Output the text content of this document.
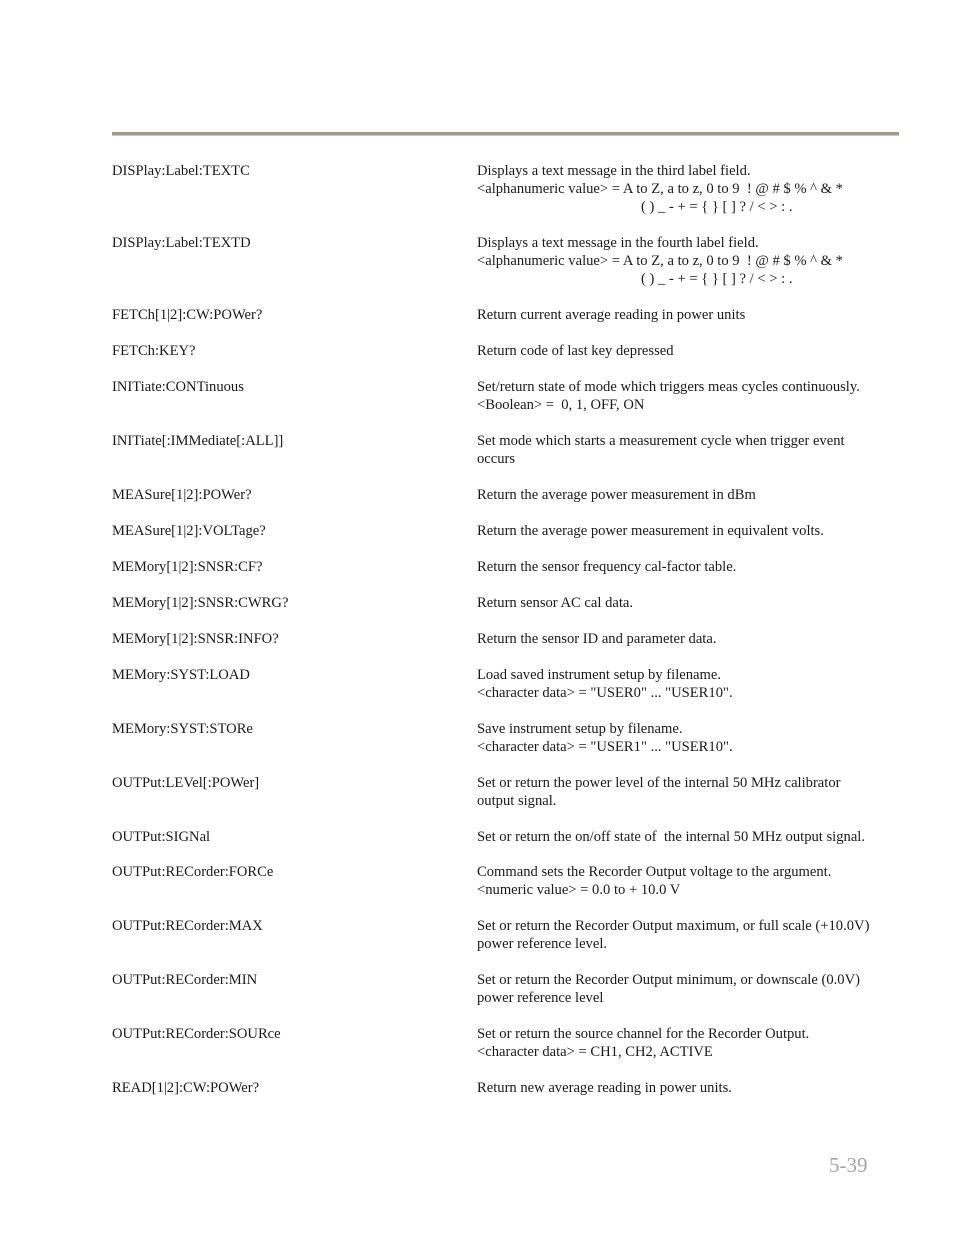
DISPlay:Label:TEXTC	Displays a text message in the third label field.
<alphanumeric value> = A to Z, a to z, 0 to 9  ! @ # $ % ^ & *
( ) _ - + = { } [ ] ? / < > : .
DISPlay:Label:TEXTD	Displays a text message in the fourth label field.
<alphanumeric value> = A to Z, a to z, 0 to 9  ! @ # $ % ^ & *
( ) _ - + = { } [ ] ? / < > : .
FETCh[1|2]:CW:POWer?	Return current average reading in power units
FETCh:KEY?	Return code of last key depressed
INITiate:CONTinuous	Set/return state of mode which triggers meas cycles continuously.
<Boolean> =  0, 1, OFF, ON
INITiate[:IMMediate[:ALL]]	Set mode which starts a measurement cycle when trigger event
occurs
MEASure[1|2]:POWer?	Return the average power measurement in dBm
MEASure[1|2]:VOLTage?	Return the average power measurement in equivalent volts.
MEMory[1|2]:SNSR:CF?	Return the sensor frequency cal-factor table.
MEMory[1|2]:SNSR:CWRG?	Return sensor AC cal data.
MEMory[1|2]:SNSR:INFO?	Return the sensor ID and parameter data.
MEMory:SYST:LOAD	Load saved instrument setup by filename.
<character data> = "USER0" ... "USER10".
MEMory:SYST:STORe	Save instrument setup by filename.
<character data> = "USER1" ... "USER10".
OUTPut:LEVel[:POWer]	Set or return the power level of the internal 50 MHz calibrator
output signal.
OUTPut:SIGNal	Set or return the on/off state of  the internal 50 MHz output signal.
OUTPut:RECorder:FORCe	Command sets the Recorder Output voltage to the argument.
<numeric value> = 0.0 to + 10.0 V
OUTPut:RECorder:MAX	Set or return the Recorder Output maximum, or full scale (+10.0V)
power reference level.
OUTPut:RECorder:MIN	Set or return the Recorder Output minimum, or downscale (0.0V)
power reference level
OUTPut:RECorder:SOURce	Set or return the source channel for the Recorder Output.
<character data> = CH1, CH2, ACTIVE
READ[1|2]:CW:POWer?	Return new average reading in power units.
5-39
